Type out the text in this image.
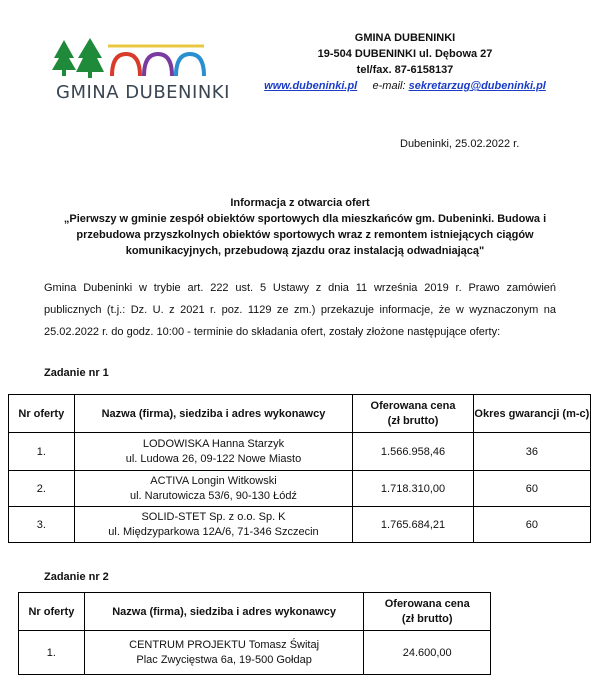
GMINA DUBENINKI
GMINA DUBENINKI
19-504 DUBENINKI ul. Dębowa 27
tel/fax. 87-6158137
www.dubeninki.pl e-mail: sekretarzug@dubeninki.pl
Dubeninki, 25.02.2022 r.
Informacja z otwarcia ofert
„Pierwszy w gminie zespół obiektów sportowych dla mieszkańców gm. Dubeninki. Budowa i przebudowa przyszkolnych obiektów sportowych wraz z remontem istniejących ciągów komunikacyjnych, przebudową zjazdu oraz instalacją odwadniającą"
Gmina Dubeninki w trybie art. 222 ust. 5 Ustawy z dnia 11 września 2019 r. Prawo zamówień publicznych (t.j.: Dz. U. z 2021 r. poz. 1129 ze zm.) przekazuje informacje, że w wyznaczonym na 25.02.2022 r. do godz. 10:00 - terminie do składania ofert, zostały złożone następujące oferty:
Zadanie nr 1
Nr oferty	Nazwa (firma), siedziba i adres wykonawcy	Oferowana cena
(zł brutto)	Okres gwarancji (m-c)
1.	LODOWISKA Hanna Starzyk
ul. Ludowa 26, 09-122 Nowe Miasto	1.566.958,46	36
2.	ACTIVA Longin Witkowski
ul. Narutowicza 53/6, 90-130 Łódź	1.718.310,00	60
3.	SOLID-STET Sp. z o.o. Sp. K
ul. Międzyparkowa 12A/6, 71-346 Szczecin	1.765.684,21	60
Zadanie nr 2
Nr oferty	Nazwa (firma), siedziba i adres wykonawcy	Oferowana cena
(zł brutto)
1.	CENTRUM PROJEKTU Tomasz Świtaj
Plac Zwycięstwa 6a, 19-500 Gołdap	24.600,00
